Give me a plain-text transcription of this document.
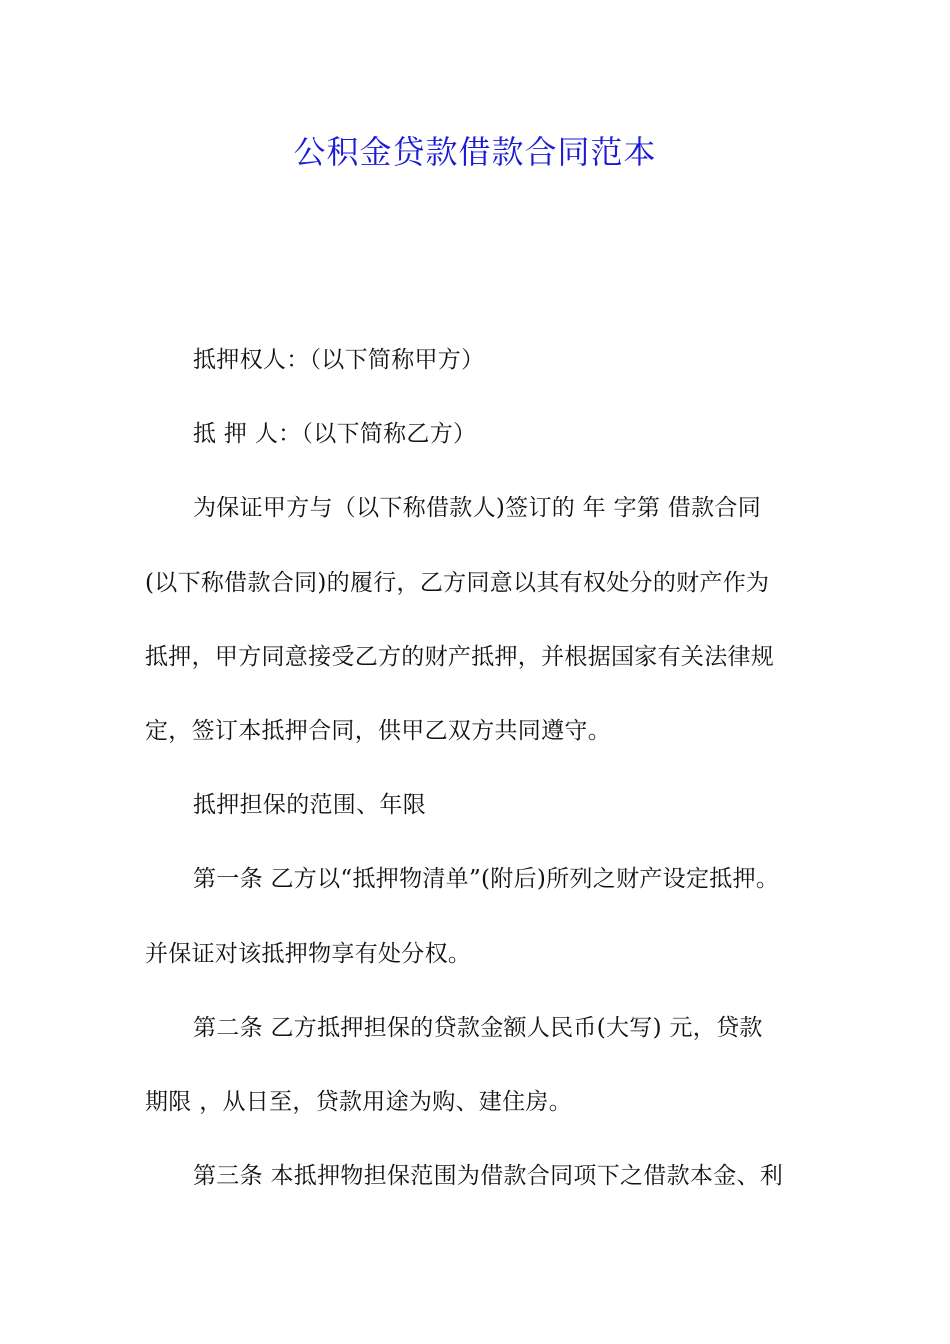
公积金贷款借款合同范本
抵押权人：（以下简称甲方）
抵 押 人：（以下简称乙方）
为保证甲方与（以下称借款人)签订的 年 字第 借款合同
(以下称借款合同)的履行，乙方同意以其有权处分的财产作为
抵押，甲方同意接受乙方的财产抵押，并根据国家有关法律规
定，签订本抵押合同，供甲乙双方共同遵守。
抵押担保的范围、年限
第一条 乙方以“抵押物清单”(附后)所列之财产设定抵押。
并保证对该抵押物享有处分权。
第二条 乙方抵押担保的贷款金额人民币(大写) 元，贷款
期限 ，从日至，贷款用途为购、建住房。
第三条 本抵押物担保范围为借款合同项下之借款本金、利
